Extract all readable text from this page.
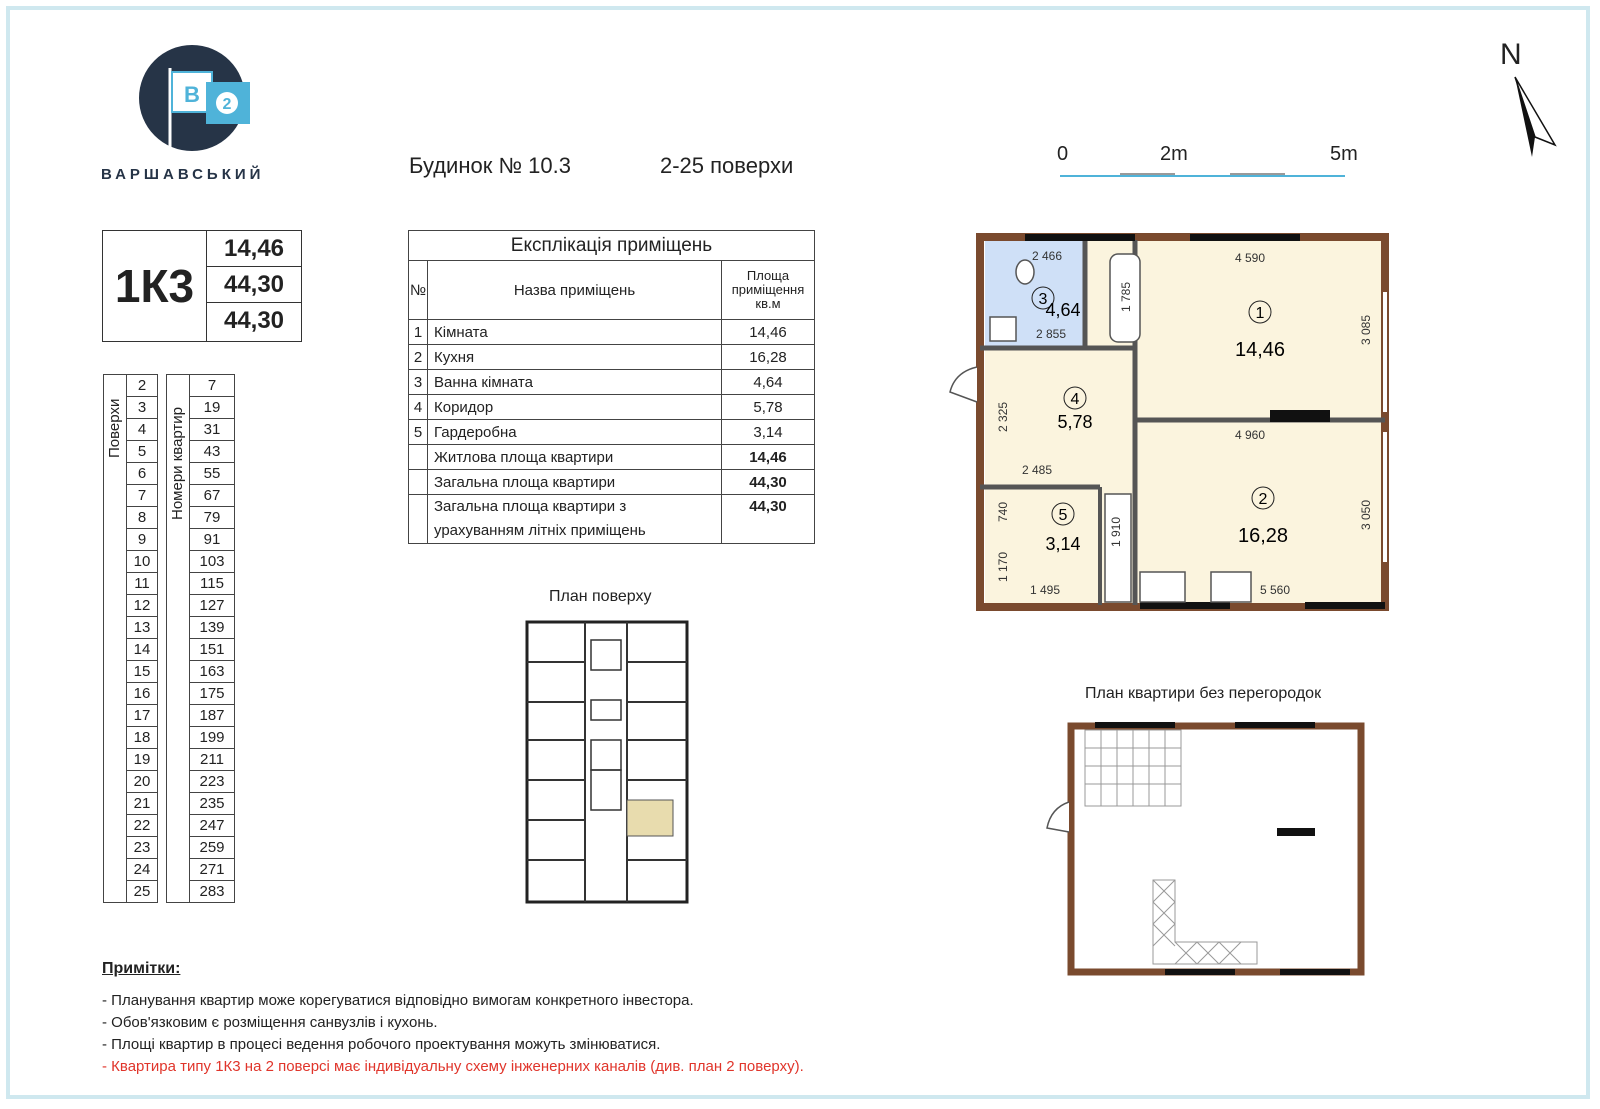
B 2
ВАРШАВСЬКИЙ	Будинок № 10.3	2-25 поверхи	0	2m	5m
N
1К3
14,46
44,30
44,30
Експлікація приміщень		
№	Назва приміщень	Площа приміщення кв.м
1	Кімната	14,46
2	Кухня	16,28
3	Ванна кімната	4,64
4	Коридор	5,78
5	Гардеробна	3,14
	Житлова площа квартири	14,46
	Загальна площа квартири	44,30
	Загальна площа квартири з урахуванням літніх приміщень	44,30
Поверхи	Номери квартир
	2			7
	3			19
	4			31
	5			43
	6			55
	7			67
	8			79
	9			91
	10			103
	11			115
	12			127
	13			139
	14			151
	15			163
	16			175
	17			187
	18			199
	19			211
	20			223
	21			235
	22			247
	23			259
	24			271
	25			283
План поверху
1
14,46
2
16,28
3
4,64
4
5,78
5
3,14
2 466	4 590
1 785
2 855	3 085
2 325
4 960
2 485
740	3 050
1 910
1 170
1 495	5 560
План квартири без перегородок
Примітки:
- Планування квартир може корегуватися відповідно вимогам конкретного інвестора.
- Обов'язковим є розміщення санвузлів і кухонь.
- Площі квартир в процесі ведення робочого проектування можуть змінюватися.
- Квартира типу 1К3 на 2 поверсі має індивідуальну схему інженерних каналів (див. план 2 поверху).
